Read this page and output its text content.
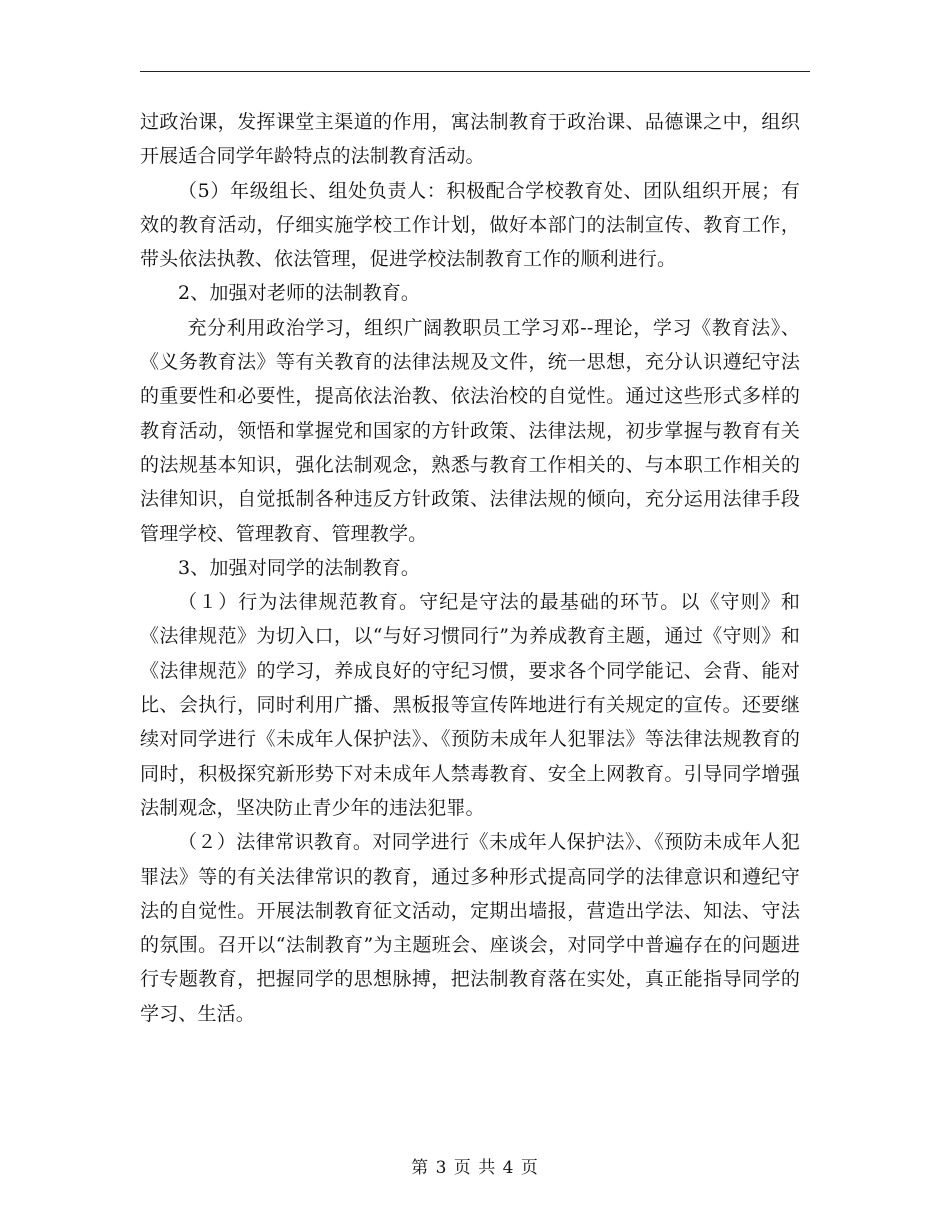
过政治课，发挥课堂主渠道的作用，寓法制教育于政治课、品德课之中，组织开展适合同学年龄特点的法制教育活动。

（5）年级组长、组处负责人：积极配合学校教育处、团队组织开展；有效的教育活动，仔细实施学校工作计划，做好本部门的法制宣传、教育工作，带头依法执教、依法管理，促进学校法制教育工作的顺利进行。

2、加强对老师的法制教育。

充分利用政治学习，组织广阔教职员工学习邓--理论，学习《教育法》、《义务教育法》等有关教育的法律法规及文件，统一思想，充分认识遵纪守法的重要性和必要性，提高依法治教、依法治校的自觉性。通过这些形式多样的教育活动，领悟和掌握党和国家的方针政策、法律法规，初步掌握与教育有关的法规基本知识，强化法制观念，熟悉与教育工作相关的、与本职工作相关的法律知识，自觉抵制各种违反方针政策、法律法规的倾向，充分运用法律手段管理学校、管理教育、管理教学。

3、加强对同学的法制教育。

（１）行为法律规范教育。守纪是守法的最基础的环节。以《守则》和《法律规范》为切入口，以“与好习惯同行”为养成教育主题，通过《守则》和《法律规范》的学习，养成良好的守纪习惯，要求各个同学能记、会背、能对比、会执行，同时利用广播、黑板报等宣传阵地进行有关规定的宣传。还要继续对同学进行《未成年人保护法》、《预防未成年人犯罪法》等法律法规教育的同时，积极探究新形势下对未成年人禁毒教育、安全上网教育。引导同学增强法制观念，坚决防止青少年的违法犯罪。

（２）法律常识教育。对同学进行《未成年人保护法》、《预防未成年人犯罪法》等的有关法律常识的教育，通过多种形式提高同学的法律意识和遵纪守法的自觉性。开展法制教育征文活动，定期出墙报，营造出学法、知法、守法的氛围。召开以“法制教育”为主题班会、座谈会，对同学中普遍存在的问题进行专题教育，把握同学的思想脉搏，把法制教育落在实处，真正能指导同学的学习、生活。

第 3 页 共 4 页
